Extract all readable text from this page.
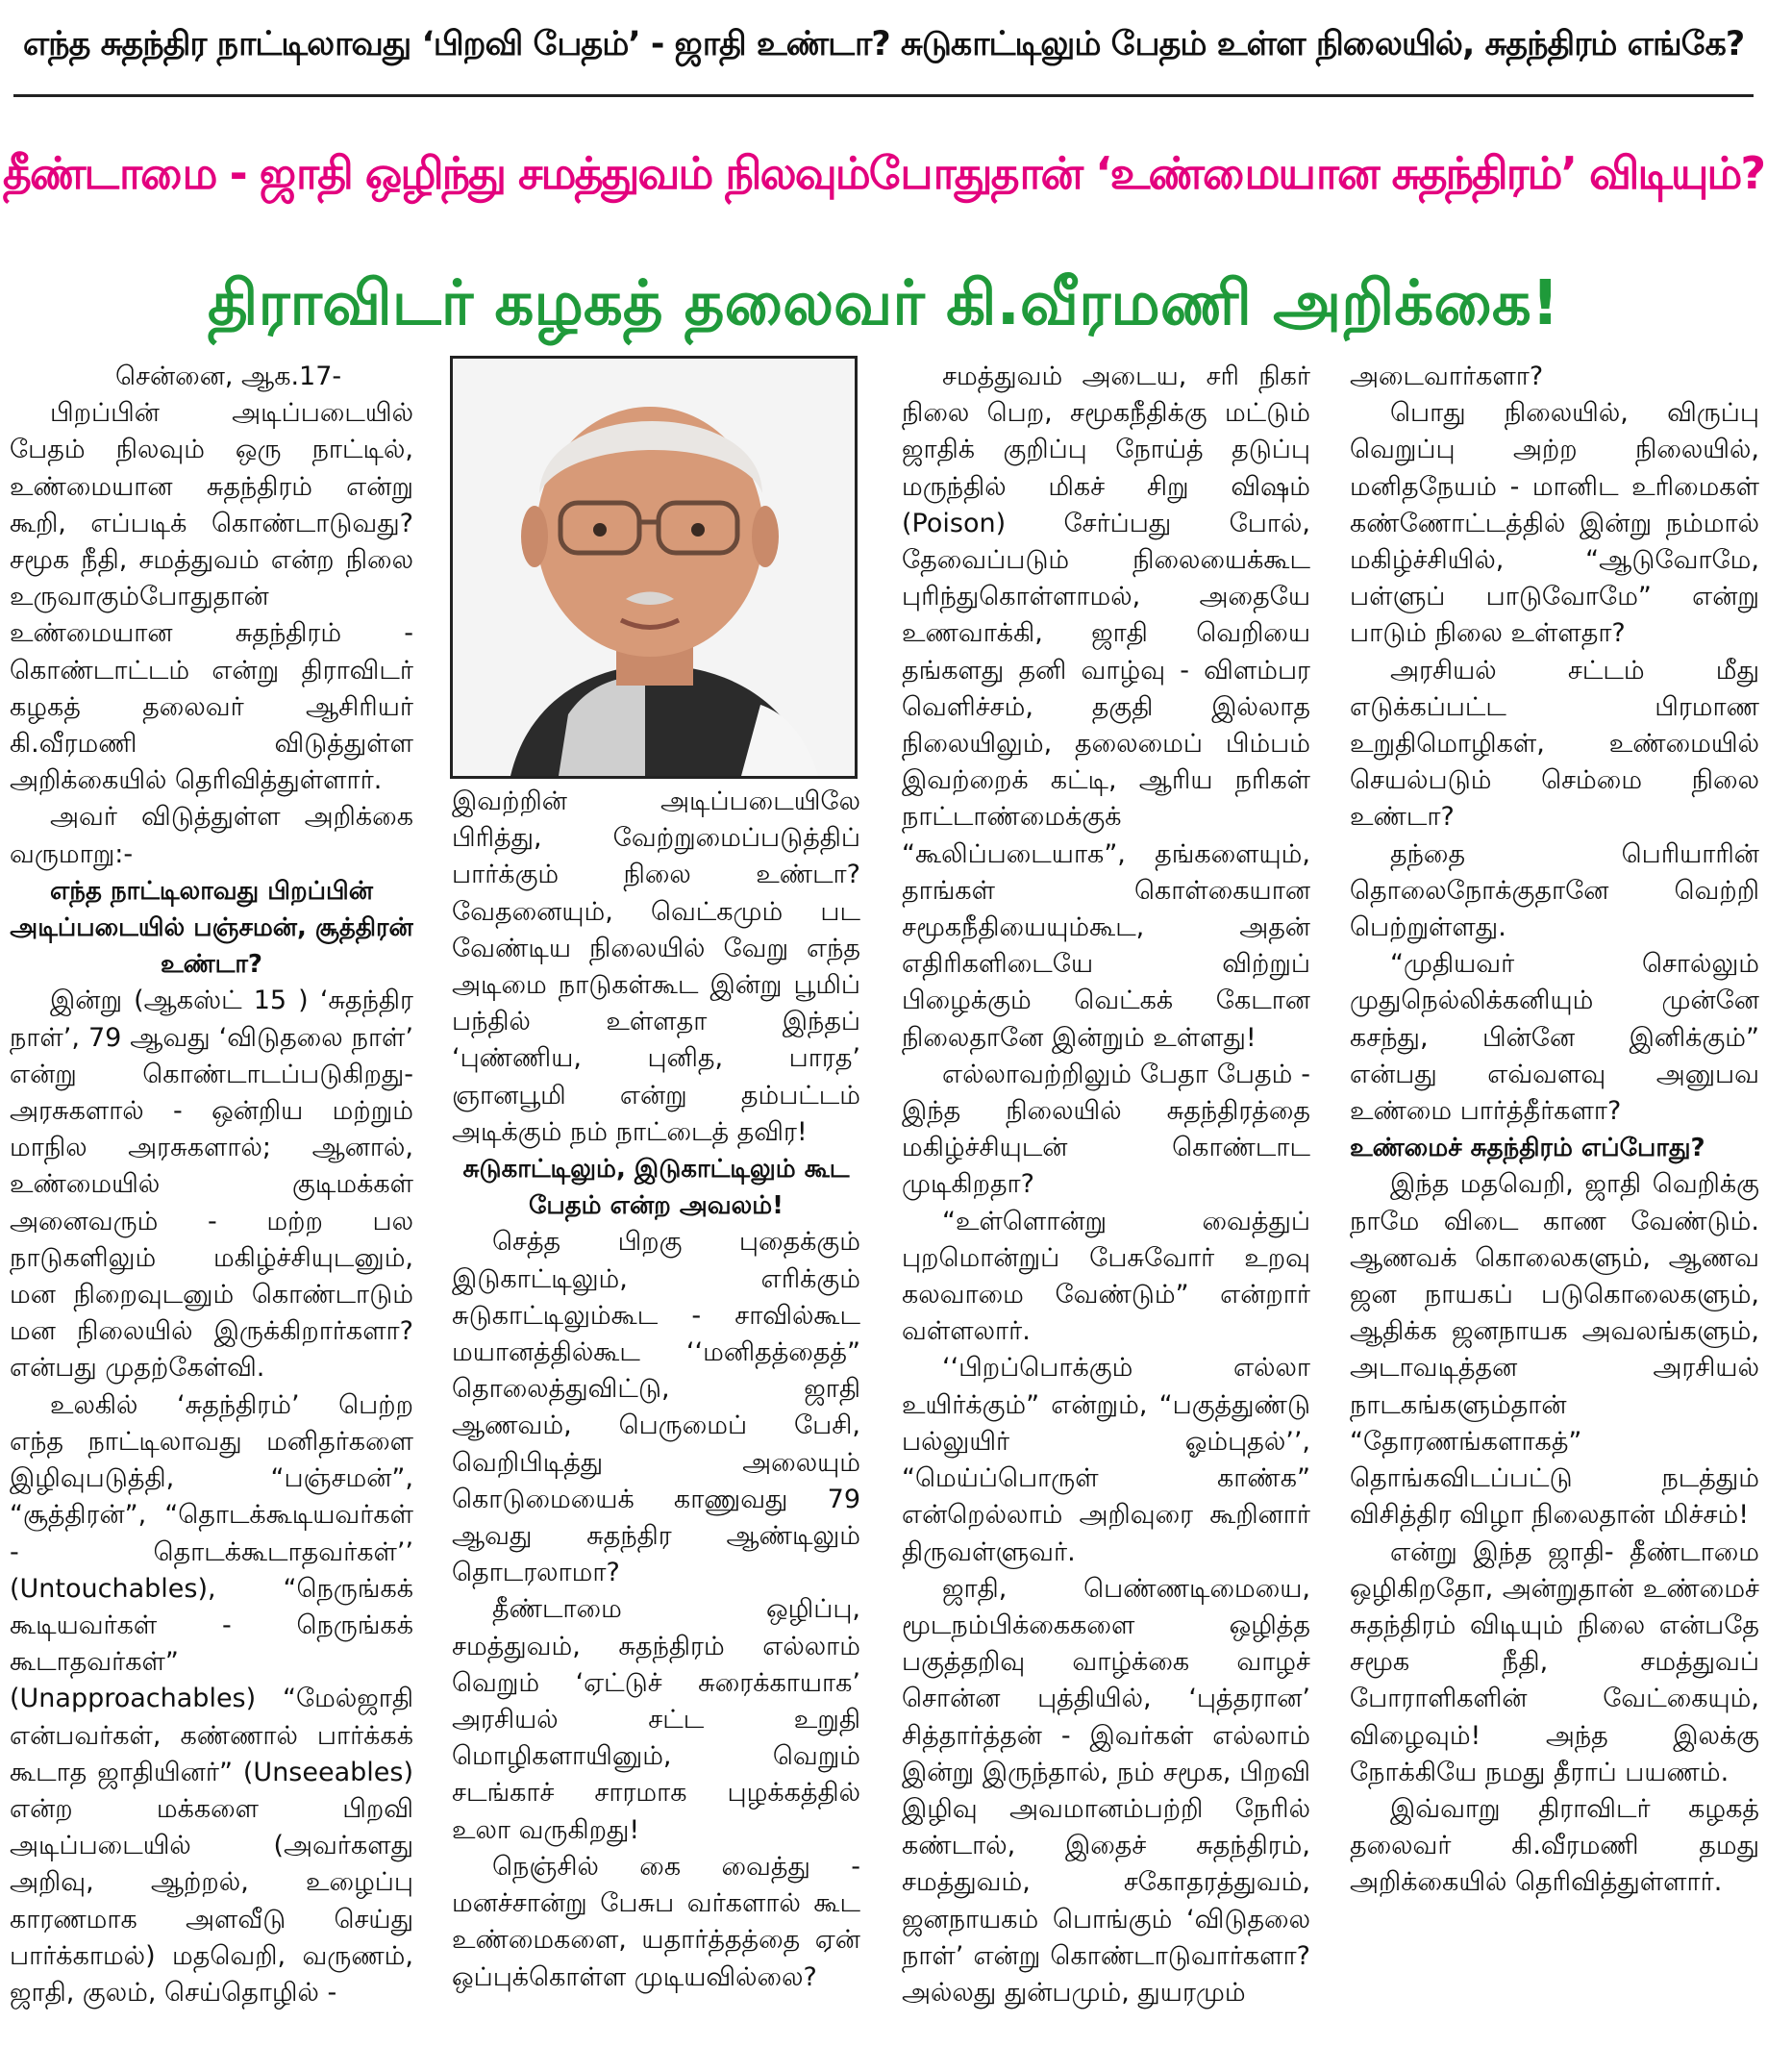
எந்த சுதந்திர நாட்டிலாவது ‘பிறவி பேதம்’ - ஜாதி உண்டா? சுடுகாட்டிலும் பேதம் உள்ள நிலையில், சுதந்திரம் எங்கே?
தீண்டாமை - ஜாதி ஒழிந்து சமத்துவம் நிலவும்போதுதான் ‘உண்மையான சுதந்திரம்’ விடியும்?
திராவிடர் கழகத் தலைவர் கி.வீரமணி அறிக்கை!

சென்னை, ஆக.17-

பிறப்பின் அடிப்படையில் பேதம் நிலவும் ஒரு நாட்டில், உண்மையான சுதந்திரம் என்று கூறி, எப்படிக் கொண்டாடுவது? சமூக நீதி, சமத்துவம் என்ற நிலை உருவாகும்போதுதான் உண்மையான சுதந்திரம் - கொண்டாட்டம் என்று திராவிடர் கழகத் தலைவர் ஆசிரியர் கி.வீரமணி விடுத்துள்ள அறிக்கையில் தெரிவித்துள்ளார்.

அவர் விடுத்துள்ள அறிக்கை வருமாறு:-

எந்த நாட்டிலாவது பிறப்பின் அடிப்படையில் பஞ்சமன், சூத்திரன் உண்டா?

இன்று (ஆகஸ்ட் 15 ) ‘சுதந்திர நாள்’, 79 ஆவது ‘விடுதலை நாள்’ என்று கொண்டாடப்படுகிறது- அரசுகளால் - ஒன்றிய மற்றும் மாநில அரசுகளால்; ஆனால், உண்மையில் குடிமக்கள் அனைவரும் - மற்ற பல நாடுகளிலும் மகிழ்ச்சியுடனும், மன நிறைவுடனும் கொண்டாடும் மன நிலையில் இருக்கிறார்களா? என்பது முதற்கேள்வி.

உலகில் ‘சுதந்திரம்’ பெற்ற எந்த நாட்டிலாவது மனிதர்களை இழிவுபடுத்தி, “பஞ்சமன்”, “சூத்திரன்”, “தொடக்கூடியவர்கள் - தொடக்கூடாதவர்கள்’’ (Untouchables), “நெருங்கக் கூடியவர்கள் - நெருங்கக் கூடாதவர்கள்” (Unapproachables) “மேல்ஜாதி என்பவர்கள், கண்ணால் பார்க்கக் கூடாத ஜாதியினர்” (Unseeables) என்ற மக்களை பிறவி அடிப்படையில் (அவர்களது அறிவு, ஆற்றல், உழைப்பு காரணமாக அளவீடு செய்து பார்க்காமல்) மதவெறி, வருணம், ஜாதி, குலம், செய்தொழில் -

இவற்றின் அடிப்படையிலே பிரித்து, வேற்றுமைப்படுத்திப் பார்க்கும் நிலை உண்டா? வேதனையும், வெட்கமும் பட வேண்டிய நிலையில் வேறு எந்த அடிமை நாடுகள்கூட இன்று பூமிப் பந்தில் உள்ளதா இந்தப் ‘புண்ணிய, புனித, பாரத’ ஞானபூமி என்று தம்பட்டம் அடிக்கும் நம் நாட்டைத் தவிர!

சுடுகாட்டிலும், இடுகாட்டிலும் கூட பேதம் என்ற அவலம்!

செத்த பிறகு புதைக்கும் இடுகாட்டிலும், எரிக்கும் சுடுகாட்டிலும்கூட - சாவில்கூட மயானத்தில்கூட ‘‘மனிதத்தைத்” தொலைத்துவிட்டு, ஜாதி ஆணவம், பெருமைப் பேசி, வெறிபிடித்து அலையும் கொடுமையைக் காணுவது 79 ஆவது சுதந்திர ஆண்டிலும் தொடரலாமா?

தீண்டாமை ஒழிப்பு, சமத்துவம், சுதந்திரம் எல்லாம் வெறும் ‘ஏட்டுச் சுரைக்காயாக’ அரசியல் சட்ட உறுதி மொழிகளாயினும், வெறும் சடங்காச் சாரமாக புழக்கத்தில் உலா வருகிறது!

நெஞ்சில் கை வைத்து - மனச்சான்று பேசுப வர்களால் கூட உண்மைகளை, யதார்த்தத்தை ஏன் ஒப்புக்கொள்ள முடியவில்லை?

சமத்துவம் அடைய, சரி நிகர் நிலை பெற, சமூகநீதிக்கு மட்டும் ஜாதிக் குறிப்பு நோய்த் தடுப்பு மருந்தில் மிகச் சிறு விஷம் (Poison) சேர்ப்பது போல், தேவைப்படும் நிலையைக்கூட புரிந்துகொள்ளாமல், அதையே உணவாக்கி, ஜாதி வெறியை தங்களது தனி வாழ்வு - விளம்பர வெளிச்சம், தகுதி இல்லாத நிலையிலும், தலைமைப் பிம்பம் இவற்றைக் கட்டி, ஆரிய நரிகள் நாட்டாண்மைக்குக் “கூலிப்படையாக”, தங்களையும், தாங்கள் கொள்கையான சமூகநீதியையும்கூட, அதன் எதிரிகளிடையே விற்றுப் பிழைக்கும் வெட்கக் கேடான நிலைதானே இன்றும் உள்ளது!

எல்லாவற்றிலும் பேதா பேதம் - இந்த நிலையில் சுதந்திரத்தை மகிழ்ச்சியுடன் கொண்டாட முடிகிறதா?

“உள்ளொன்று வைத்துப் புறமொன்றுப் பேசுவோர் உறவு கலவாமை வேண்டும்” என்றார் வள்ளலார்.

‘‘பிறப்பொக்கும் எல்லா உயிர்க்கும்” என்றும், “பகுத்துண்டு பல்லுயிர் ஓம்புதல்’’, “மெய்ப்பொருள் காண்க” என்றெல்லாம் அறிவுரை கூறினார் திருவள்ளுவர்.

ஜாதி, பெண்ணடிமையை, மூடநம்பிக்கைகளை ஒழித்த பகுத்தறிவு வாழ்க்கை வாழச் சொன்ன புத்தியில், ‘புத்தரான’ சித்தார்த்தன் - இவர்கள் எல்லாம் இன்று இருந்தால், நம் சமூக, பிறவி இழிவு அவமானம்பற்றி நேரில் கண்டால், இதைச் சுதந்திரம், சமத்துவம், சகோதரத்துவம், ஜனநாயகம் பொங்கும் ‘விடுதலை நாள்’ என்று கொண்டாடுவார்களா? அல்லது துன்பமும், துயரமும்

அடைவார்களா?

பொது நிலையில், விருப்பு வெறுப்பு அற்ற நிலையில், மனிதநேயம் - மானிட உரிமைகள் கண்ணோட்டத்தில் இன்று நம்மால் மகிழ்ச்சியில், “ஆடுவோமே, பள்ளுப் பாடுவோமே” என்று பாடும் நிலை உள்ளதா?

அரசியல் சட்டம் மீது எடுக்கப்பட்ட பிரமாண உறுதிமொழிகள், உண்மையில் செயல்படும் செம்மை நிலை உண்டா?

தந்தை பெரியாரின் தொலைநோக்குதானே வெற்றி பெற்றுள்ளது.

“முதியவர் சொல்லும் முதுநெல்லிக்கனியும் முன்னே கசந்து, பின்னே இனிக்கும்” என்பது எவ்வளவு அனுபவ உண்மை பார்த்தீர்களா?

உண்மைச் சுதந்திரம் எப்போது?

இந்த மதவெறி, ஜாதி வெறிக்கு நாமே விடை காண வேண்டும். ஆணவக் கொலைகளும், ஆணவ ஜன நாயகப் படுகொலைகளும், ஆதிக்க ஜனநாயக அவலங்களும், அடாவடித்தன அரசியல் நாடகங்களும்தான் “தோரணங்களாகத்” தொங்கவிடப்பட்டு நடத்தும் விசித்திர விழா நிலைதான் மிச்சம்!

என்று இந்த ஜாதி- தீண்டாமை ஒழிகிறதோ, அன்றுதான் உண்மைச் சுதந்திரம் விடியும் நிலை என்பதே சமூக நீதி, சமத்துவப் போராளிகளின் வேட்கையும், விழைவும்! அந்த இலக்கு நோக்கியே நமது தீராப் பயணம்.

இவ்வாறு திராவிடர் கழகத் தலைவர் கி.வீரமணி தமது அறிக்கையில் தெரிவித்துள்ளார்.
